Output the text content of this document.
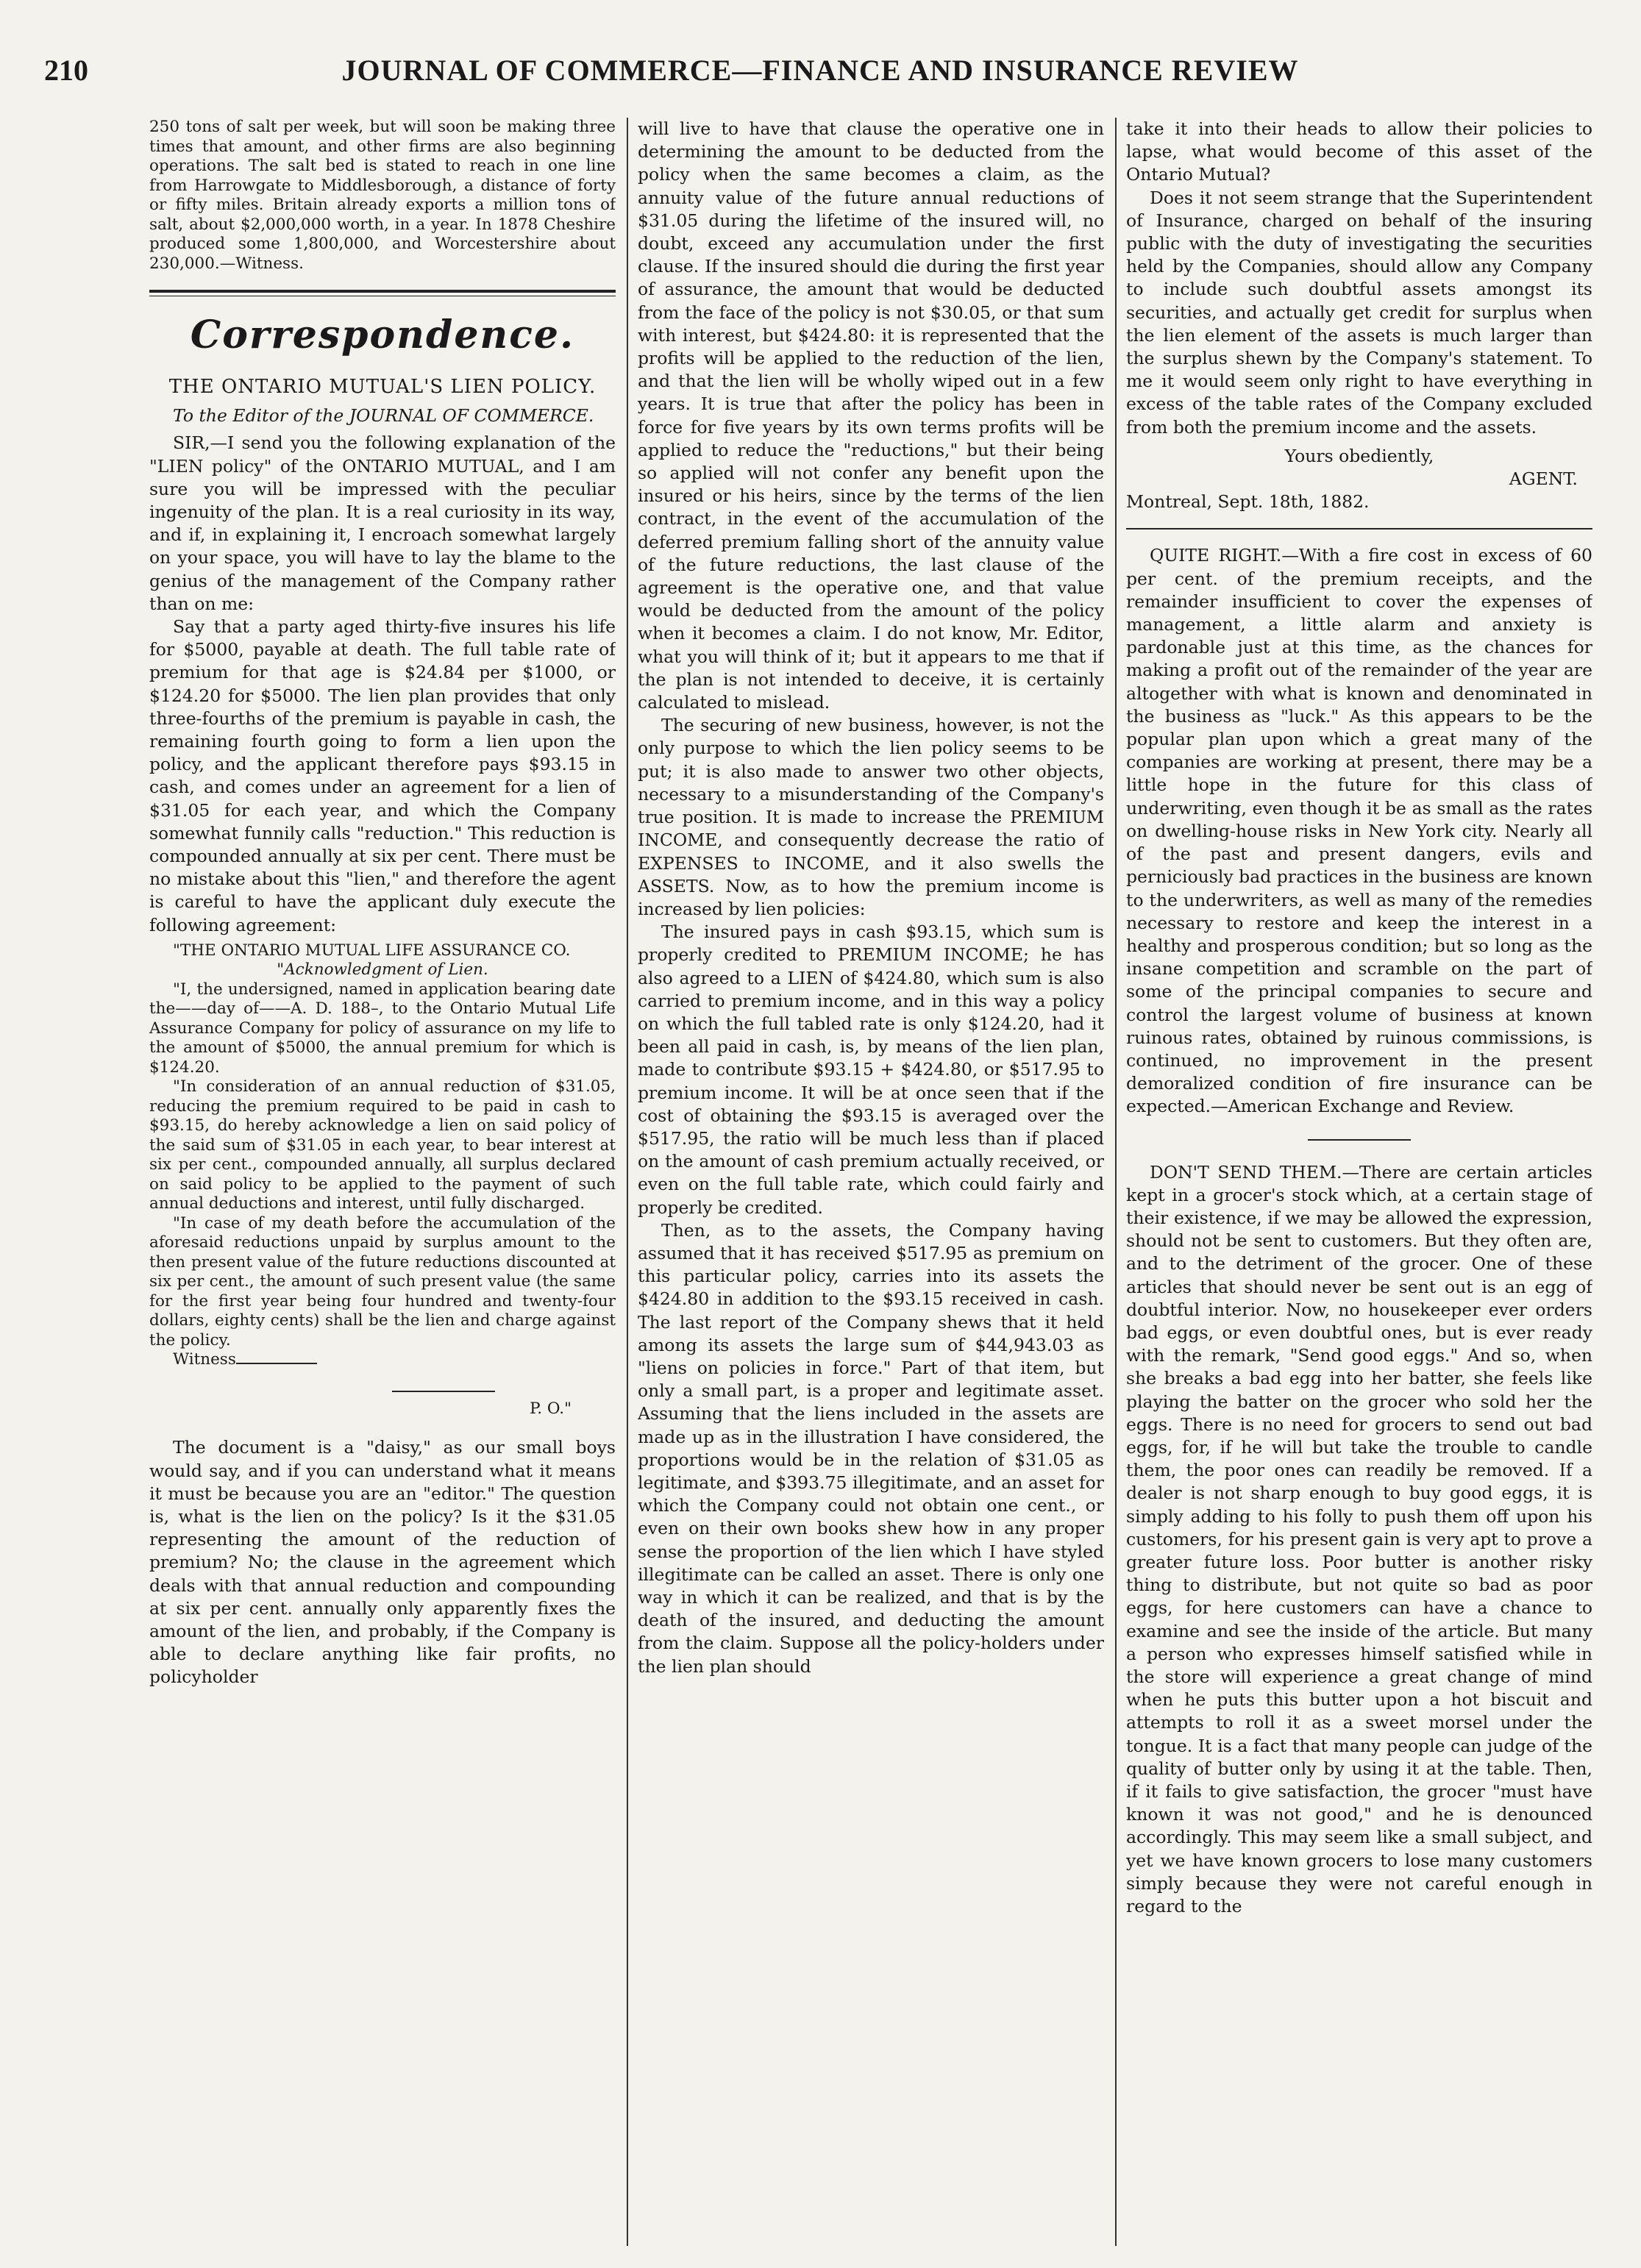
210	JOURNAL OF COMMERCE—FINANCE AND INSURANCE REVIEW

250 tons of salt per week, but will soon be making three times that amount, and other firms are also beginning operations. The salt bed is stated to reach in one line from Harrowgate to Middlesborough, a distance of forty or fifty miles. Britain already exports a million tons of salt, about $2,000,000 worth, in a year. In 1878 Cheshire produced some 1,800,000, and Worcestershire about 230,000.—Witness.

Correspondence.
THE ONTARIO MUTUAL'S LIEN POLICY.

To the Editor of the JOURNAL OF COMMERCE.

SIR,—I send you the following explanation of the "LIEN policy" of the ONTARIO MUTUAL, and I am sure you will be impressed with the peculiar ingenuity of the plan. It is a real curiosity in its way, and if, in explaining it, I encroach somewhat largely on your space, you will have to lay the blame to the genius of the management of the Company rather than on me:

Say that a party aged thirty-five insures his life for $5000, payable at death. The full table rate of premium for that age is $24.84 per $1000, or $124.20 for $5000. The lien plan provides that only three-fourths of the premium is payable in cash, the remaining fourth going to form a lien upon the policy, and the applicant therefore pays $93.15 in cash, and comes under an agreement for a lien of $31.05 for each year, and which the Company somewhat funnily calls "reduction." This reduction is compounded annually at six per cent. There must be no mistake about this "lien," and therefore the agent is careful to have the applicant duly execute the following agreement:

"THE ONTARIO MUTUAL LIFE ASSURANCE CO.

"Acknowledgment of Lien.

"I, the undersigned, named in application bearing date the——day of——A. D. 188–, to the Ontario Mutual Life Assurance Company for policy of assurance on my life to the amount of $5000, the annual premium for which is $124.20.

"In consideration of an annual reduction of $31.05, reducing the premium required to be paid in cash to $93.15, do hereby acknowledge a lien on said policy of the said sum of $31.05 in each year, to bear interest at six per cent., compounded annually, all surplus declared on said policy to be applied to the payment of such annual deductions and interest, until fully discharged.

"In case of my death before the accumulation of the aforesaid reductions unpaid by surplus amount to the then present value of the future reductions discounted at six per cent., the amount of such present value (the same for the first year being four hundred and twenty-four dollars, eighty cents) shall be the lien and charge against the policy.

Witness

P. O."

The document is a "daisy," as our small boys would say, and if you can understand what it means it must be because you are an "editor." The question is, what is the lien on the policy? Is it the $31.05 representing the amount of the reduction of premium? No; the clause in the agreement which deals with that annual reduction and compounding at six per cent. annually only apparently fixes the amount of the lien, and probably, if the Company is able to declare anything like fair profits, no policyholder

will live to have that clause the operative one in determining the amount to be deducted from the policy when the same becomes a claim, as the annuity value of the future annual reductions of $31.05 during the lifetime of the insured will, no doubt, exceed any accumulation under the first clause. If the insured should die during the first year of assurance, the amount that would be deducted from the face of the policy is not $30.05, or that sum with interest, but $424.80: it is represented that the profits will be applied to the reduction of the lien, and that the lien will be wholly wiped out in a few years. It is true that after the policy has been in force for five years by its own terms profits will be applied to reduce the "reductions," but their being so applied will not confer any benefit upon the insured or his heirs, since by the terms of the lien contract, in the event of the accumulation of the deferred premium falling short of the annuity value of the future reductions, the last clause of the agreement is the operative one, and that value would be deducted from the amount of the policy when it becomes a claim. I do not know, Mr. Editor, what you will think of it; but it appears to me that if the plan is not intended to deceive, it is certainly calculated to mislead.

The securing of new business, however, is not the only purpose to which the lien policy seems to be put; it is also made to answer two other objects, necessary to a misunderstanding of the Company's true position. It is made to increase the PREMIUM INCOME, and consequently decrease the ratio of EXPENSES to INCOME, and it also swells the ASSETS. Now, as to how the premium income is increased by lien policies:

The insured pays in cash $93.15, which sum is properly credited to PREMIUM INCOME; he has also agreed to a LIEN of $424.80, which sum is also carried to premium income, and in this way a policy on which the full tabled rate is only $124.20, had it been all paid in cash, is, by means of the lien plan, made to contribute $93.15 + $424.80, or $517.95 to premium income. It will be at once seen that if the cost of obtaining the $93.15 is averaged over the $517.95, the ratio will be much less than if placed on the amount of cash premium actually received, or even on the full table rate, which could fairly and properly be credited.

Then, as to the assets, the Company having assumed that it has received $517.95 as premium on this particular policy, carries into its assets the $424.80 in addition to the $93.15 received in cash. The last report of the Company shews that it held among its assets the large sum of $44,943.03 as "liens on policies in force." Part of that item, but only a small part, is a proper and legitimate asset. Assuming that the liens included in the assets are made up as in the illustration I have considered, the proportions would be in the relation of $31.05 as legitimate, and $393.75 illegitimate, and an asset for which the Company could not obtain one cent., or even on their own books shew how in any proper sense the proportion of the lien which I have styled illegitimate can be called an asset. There is only one way in which it can be realized, and that is by the death of the insured, and deducting the amount from the claim. Suppose all the policy-holders under the lien plan should

take it into their heads to allow their policies to lapse, what would become of this asset of the Ontario Mutual?

Does it not seem strange that the Superintendent of Insurance, charged on behalf of the insuring public with the duty of investigating the securities held by the Companies, should allow any Company to include such doubtful assets amongst its securities, and actually get credit for surplus when the lien element of the assets is much larger than the surplus shewn by the Company's statement. To me it would seem only right to have everything in excess of the table rates of the Company excluded from both the premium income and the assets.

Yours obediently,

AGENT.

Montreal, Sept. 18th, 1882.

QUITE RIGHT.—With a fire cost in excess of 60 per cent. of the premium receipts, and the remainder insufficient to cover the expenses of management, a little alarm and anxiety is pardonable just at this time, as the chances for making a profit out of the remainder of the year are altogether with what is known and denominated in the business as "luck." As this appears to be the popular plan upon which a great many of the companies are working at present, there may be a little hope in the future for this class of underwriting, even though it be as small as the rates on dwelling-house risks in New York city. Nearly all of the past and present dangers, evils and perniciously bad practices in the business are known to the underwriters, as well as many of the remedies necessary to restore and keep the interest in a healthy and prosperous condition; but so long as the insane competition and scramble on the part of some of the principal companies to secure and control the largest volume of business at known ruinous rates, obtained by ruinous commissions, is continued, no improvement in the present demoralized condition of fire insurance can be expected.—American Exchange and Review.

DON'T SEND THEM.—There are certain articles kept in a grocer's stock which, at a certain stage of their existence, if we may be allowed the expression, should not be sent to customers. But they often are, and to the detriment of the grocer. One of these articles that should never be sent out is an egg of doubtful interior. Now, no housekeeper ever orders bad eggs, or even doubtful ones, but is ever ready with the remark, "Send good eggs." And so, when she breaks a bad egg into her batter, she feels like playing the batter on the grocer who sold her the eggs. There is no need for grocers to send out bad eggs, for, if he will but take the trouble to candle them, the poor ones can readily be removed. If a dealer is not sharp enough to buy good eggs, it is simply adding to his folly to push them off upon his customers, for his present gain is very apt to prove a greater future loss. Poor butter is another risky thing to distribute, but not quite so bad as poor eggs, for here customers can have a chance to examine and see the inside of the article. But many a person who expresses himself satisfied while in the store will experience a great change of mind when he puts this butter upon a hot biscuit and attempts to roll it as a sweet morsel under the tongue. It is a fact that many people can judge of the quality of butter only by using it at the table. Then, if it fails to give satisfaction, the grocer "must have known it was not good," and he is denounced accordingly. This may seem like a small subject, and yet we have known grocers to lose many customers simply because they were not careful enough in regard to the
